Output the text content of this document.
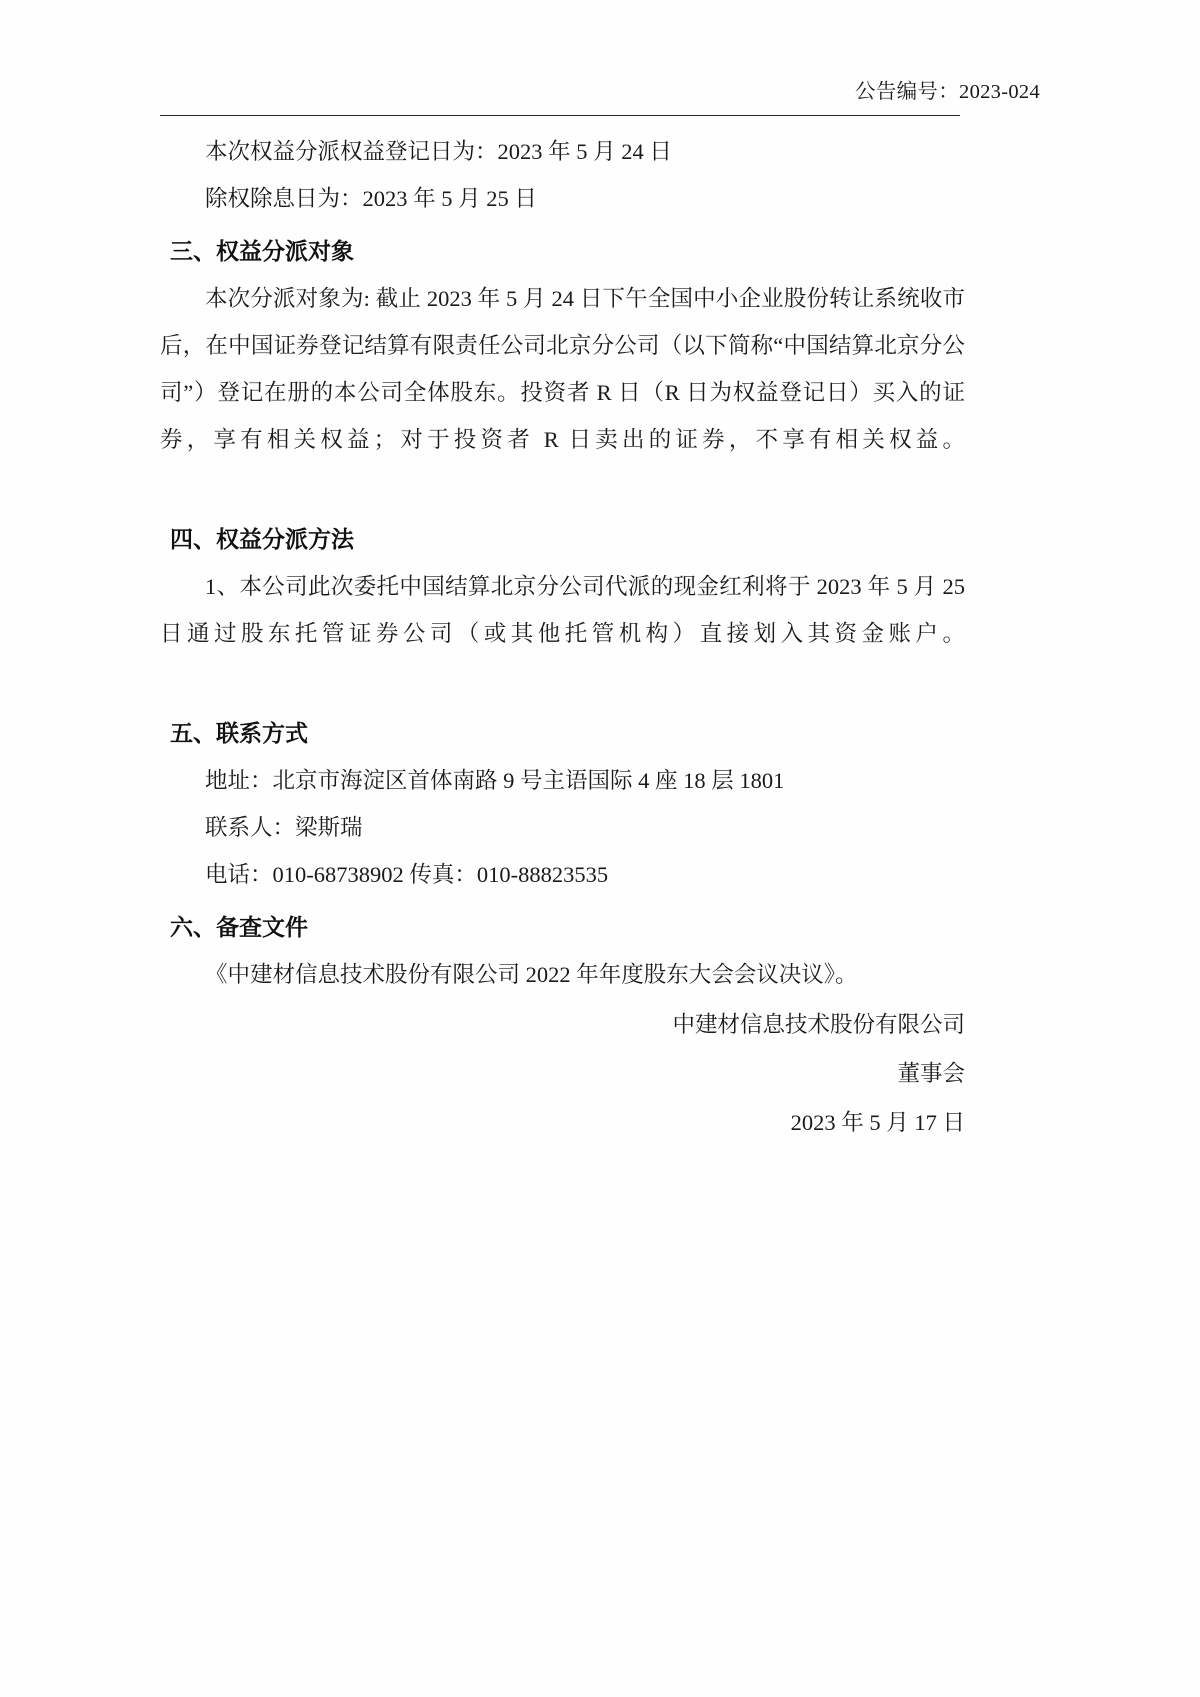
公告编号：2023-024

本次权益分派权益登记日为：2023 年 5 月 24 日

除权除息日为：2023 年 5 月 25 日

三、权益分派对象

本次分派对象为: 截止 2023 年 5 月 24 日下午全国中小企业股份转让系统收市后，在中国证券登记结算有限责任公司北京分公司（以下简称“中国结算北京分公司”）登记在册的本公司全体股东。投资者 R 日（R 日为权益登记日）买入的证券，享有相关权益；对于投资者 R 日卖出的证券，不享有相关权益。

四、权益分派方法

1、本公司此次委托中国结算北京分公司代派的现金红利将于 2023 年 5 月 25 日通过股东托管证券公司（或其他托管机构）直接划入其资金账户。

五、联系方式

地址：北京市海淀区首体南路 9 号主语国际 4 座 18 层 1801

联系人：梁斯瑞

电话：010-68738902 传真：010-88823535

六、备查文件

《中建材信息技术股份有限公司 2022 年年度股东大会会议决议》。

中建材信息技术股份有限公司
董事会
2023 年 5 月 17 日
